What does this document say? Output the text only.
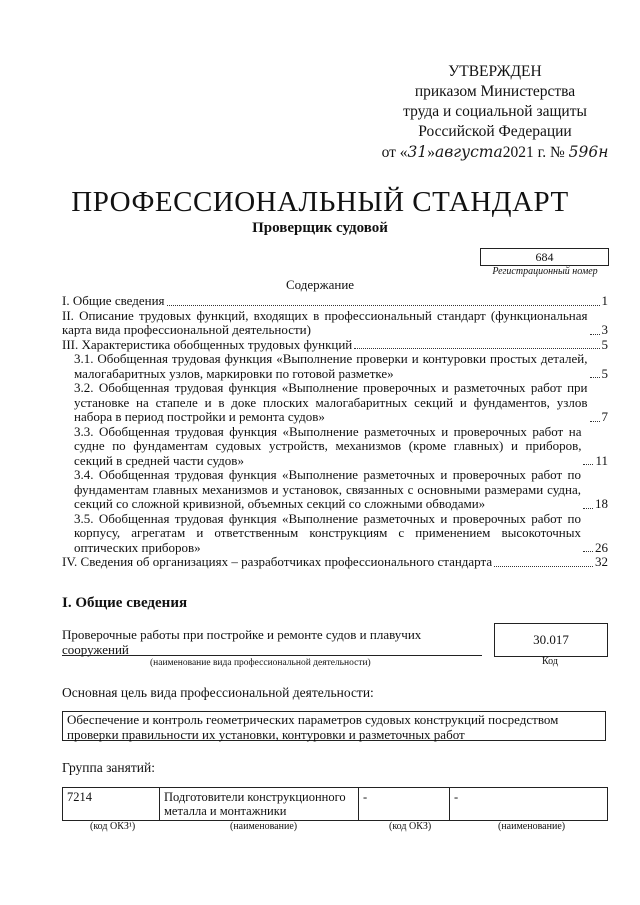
УТВЕРЖДЕН
приказом Министерства
труда и социальной защиты
Российской Федерации
от «31»августа2021 г. № 596н
ПРОФЕССИОНАЛЬНЫЙ СТАНДАРТ
Проверщик судовой
684
Регистрационный номер
Содержание
I. Общие сведения	1
II. Описание трудовых функций, входящих в профессиональный стандарт (функциональная карта вида профессиональной деятельности)	3
III. Характеристика обобщенных трудовых функций	5
3.1. Обобщенная трудовая функция «Выполнение проверки и контуровки простых деталей, малогабаритных узлов, маркировки по готовой разметке»	5
3.2. Обобщенная трудовая функция «Выполнение проверочных и разметочных работ при установке на стапеле и в доке плоских малогабаритных секций и фундаментов, узлов набора в период постройки и ремонта судов»	7
3.3. Обобщенная трудовая функция «Выполнение разметочных и проверочных работ на судне по фундаментам судовых устройств, механизмов (кроме главных) и приборов, секций в средней части судов»	11
3.4. Обобщенная трудовая функция «Выполнение разметочных и проверочных работ по фундаментам главных механизмов и установок, связанных с основными размерами судна, секций со сложной кривизной, объемных секций со сложными обводами»	18
3.5. Обобщенная трудовая функция «Выполнение разметочных и проверочных работ по корпусу, агрегатам и ответственным конструкциям с применением высокоточных оптических приборов»	26
IV. Сведения об организациях – разработчиках профессионального стандарта	32
I. Общие сведения
Проверочные работы при постройке и ремонте судов и плавучих сооружений
(наименование вида профессиональной деятельности)
30.017
Код
Основная цель вида профессиональной деятельности:
Обеспечение и контроль геометрических параметров судовых конструкций посредством проверки правильности их установки, контуровки и разметочных работ
Группа занятий:
7214	Подготовители конструкционного металла и монтажники	-	-
(код ОКЗ¹)	(наименование)	(код ОКЗ)	(наименование)
